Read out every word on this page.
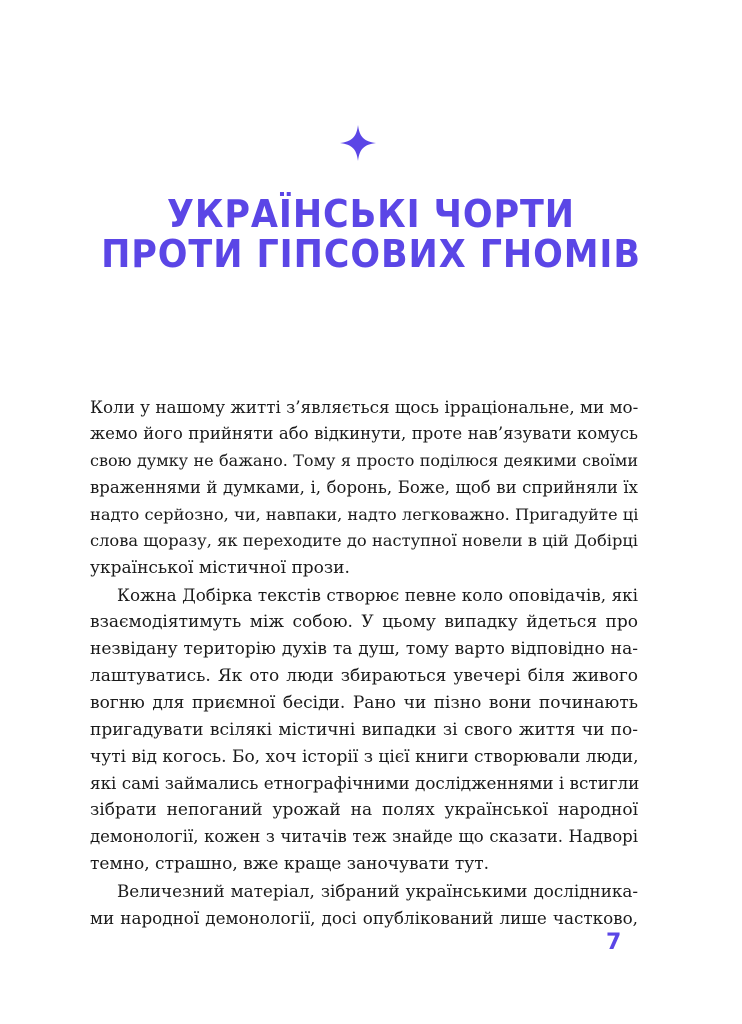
УКРАЇНСЬКІ ЧОРТИ
ПРОТИ ГІПСОВИХ ГНОМІВ
Коли у нашому житті з’являється щось ірраціональне, ми мо-
жемо його прийняти або відкинути, проте нав’язувати комусь
свою думку не бажано. Тому я просто поділюся деякими своїми
враженнями й думками, і, боронь, Боже, щоб ви сприйняли їх
надто серйозно, чи, навпаки, надто легковажно. Пригадуйте ці
слова щоразу, як переходите до наступної новели в цій Добірці
української містичної прози.
Кожна Добірка текстів створює певне коло оповідачів, які
взаємодіятимуть між собою. У цьому випадку йдеться про
незвідану територію духів та душ, тому варто відповідно на-
лаштуватись. Як ото люди збираються увечері біля живого
вогню для приємної бесіди. Рано чи пізно вони починають
пригадувати всілякі містичні випадки зі свого життя чи по-
чуті від когось. Бо, хоч історії з цієї книги створювали люди,
які самі займались етнографічними дослідженнями і встигли
зібрати непоганий урожай на полях української народної
демонології, кожен з читачів теж знайде що сказати. Надворі
темно, страшно, вже краще заночувати тут.
Величезний матеріал, зібраний українськими дослідника-
ми народної демонології, досі опублікований лише частково,
7
